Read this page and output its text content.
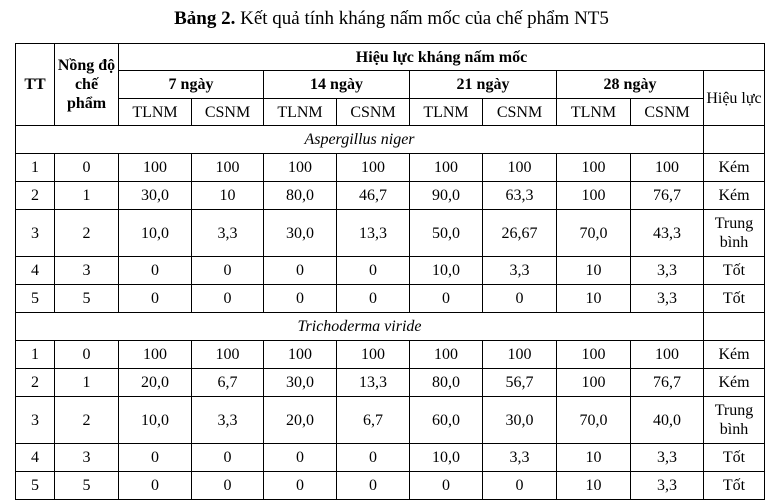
Bảng 2. Kết quả tính kháng nấm mốc của chế phẩm NT5
TT	Nồng độ chế phẩm	Hiệu lực kháng nấm mốc								
		7 ngày		14 ngày		21 ngày		28 ngày		Hiệu lực
		TLNM	CSNM	TLNM	CSNM	TLNM	CSNM	TLNM	CSNM	
Aspergillus niger										
1	0	100	100	100	100	100	100	100	100	Kém
2	1	30,0	10	80,0	46,7	90,0	63,3	100	76,7	Kém
3	2	10,0	3,3	30,0	13,3	50,0	26,67	70,0	43,3	Trung bình
4	3	0	0	0	0	10,0	3,3	10	3,3	Tốt
5	5	0	0	0	0	0	0	10	3,3	Tốt
Trichoderma viride										
1	0	100	100	100	100	100	100	100	100	Kém
2	1	20,0	6,7	30,0	13,3	80,0	56,7	100	76,7	Kém
3	2	10,0	3,3	20,0	6,7	60,0	30,0	70,0	40,0	Trung bình
4	3	0	0	0	0	10,0	3,3	10	3,3	Tốt
5	5	0	0	0	0	0	0	10	3,3	Tốt
